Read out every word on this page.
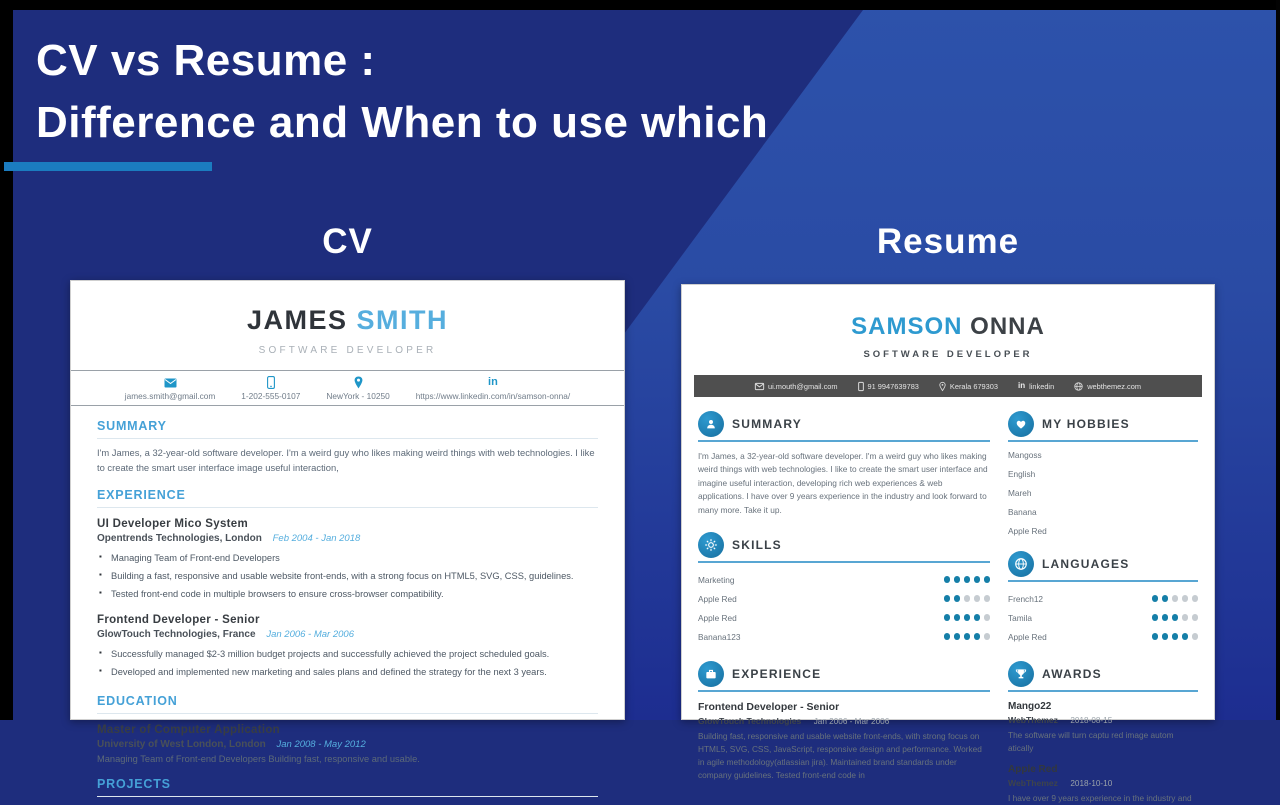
CV vs Resume :
Difference and When to use which
CV	Resume
JAMES SMITH
SOFTWARE DEVELOPER
james.smith@gmail.com	1-202-555-0107	NewYork - 10250
in
https://www.linkedin.com/in/samson-onna/
SUMMARY
I'm James, a 32-year-old software developer. I'm a weird guy who likes making weird things with web technologies. I like to create the smart user interface image useful interaction,
EXPERIENCE
UI Developer Mico System
Opentrends Technologies, London Feb 2004 - Jan 2018
▪ Managing Team of Front-end Developers
▪ Building a fast, responsive and usable website front-ends, with a strong focus on HTML5, SVG, CSS, guidelines.
▪ Tested front-end code in multiple browsers to ensure cross-browser compatibility.
Frontend Developer - Senior
GlowTouch Technologies, France Jan 2006 - Mar 2006
▪ Successfully managed $2-3 million budget projects and successfully achieved the project scheduled goals.
▪ Developed and implemented new marketing and sales plans and defined the strategy for the next 3 years.
EDUCATION
Master of Computer Application
University of West London, London Jan 2008 - May 2012
Managing Team of Front-end Developers Building fast, responsive and usable.
PROJECTS
SAMSON ONNA
SOFTWARE DEVELOPER
ui.mouth@gmail.com	91 9947639783	Kerala 679303	in linkedin	webthemez.com
SUMMARY
I'm James, a 32-year-old software developer. I'm a weird guy who likes making weird things with web technologies. I like to create the smart user interface and imagine useful interaction, developing rich web experiences & web applications. I have over 9 years experience in the industry and look forward to many more. Take it up.
SKILLS
Marketing
Apple Red
Apple Red
Banana123
EXPERIENCE
Frontend Developer - Senior
GlowTouch Technologies Jan 2006 - Mar 2006
Building fast, responsive and usable website front-ends, with strong focus on HTML5, SVG, CSS, JavaScript, responsive design and performance. Worked in agile methodology(atlassian jira). Maintained brand standards under company guidelines. Tested front-end code in
MY HOBBIES
Mangoss
English
Mareh
Banana
Apple Red
LANGUAGES
French12
Tamila
Apple Red
AWARDS
Mango22
WebThemez 2018-08-15
The software will turn captu red image autom atically
Apple Red
WebThemez 2018-10-10
I have over 9 years experience in the industry and
